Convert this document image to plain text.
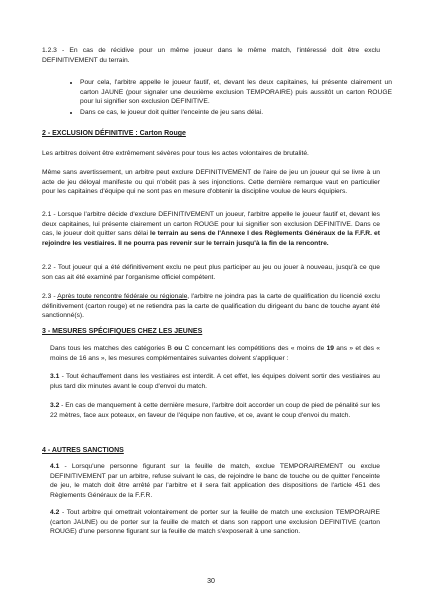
1.2.3 - En cas de récidive pour un même joueur dans le même match, l'intéressé doit être exclu DEFINITIVEMENT du terrain.

• Pour cela, l'arbitre appelle le joueur fautif, et, devant les deux capitaines, lui présente clairement un carton JAUNE (pour signaler une deuxième exclusion TEMPORAIRE) puis aussitôt un carton ROUGE pour lui signifier son exclusion DEFINITIVE.
• Dans ce cas, le joueur doit quitter l'enceinte de jeu sans délai.
2 - EXCLUSION DÉFINITIVE : Carton Rouge

Les arbitres doivent être extrêmement sévères pour tous les actes volontaires de brutalité.

Même sans avertissement, un arbitre peut exclure DEFINITIVEMENT de l'aire de jeu un joueur qui se livre à un acte de jeu déloyal manifeste ou qui n'obéit pas à ses injonctions. Cette dernière remarque vaut en particulier pour les capitaines d'équipe qui ne sont pas en mesure d'obtenir la discipline voulue de leurs équipiers.

2.1 - Lorsque l'arbitre décide d'exclure DEFINITIVEMENT un joueur, l'arbitre appelle le joueur fautif et, devant les deux capitaines, lui présente clairement un carton ROUGE pour lui signifier son exclusion DEFINITIVE. Dans ce cas, le joueur doit quitter sans délai le terrain au sens de l'Annexe I des Règlements Généraux de la F.F.R. et rejoindre les vestiaires. Il ne pourra pas revenir sur le terrain jusqu'à la fin de la rencontre.

2.2 - Tout joueur qui a été définitivement exclu ne peut plus participer au jeu ou jouer à nouveau, jusqu'à ce que son cas ait été examiné par l'organisme officiel compétent.

2.3 - Après toute rencontre fédérale ou régionale, l'arbitre ne joindra pas la carte de qualification du licencié exclu définitivement (carton rouge) et ne retiendra pas la carte de qualification du dirigeant du banc de touche ayant été sanctionné(s).

3 - MESURES SPÉCIFIQUES CHEZ LES JEUNES

Dans tous les matches des catégories B ou C concernant les compétitions des « moins de 19 ans » et des « moins de 16 ans », les mesures complémentaires suivantes doivent s'appliquer :

3.1 - Tout échauffement dans les vestiaires est interdit. A cet effet, les équipes doivent sortir des vestiaires au plus tard dix minutes avant le coup d'envoi du match.

3.2 - En cas de manquement à cette dernière mesure, l'arbitre doit accorder un coup de pied de pénalité sur les 22 mètres, face aux poteaux, en faveur de l'équipe non fautive, et ce, avant le coup d'envoi du match.

4 - AUTRES SANCTIONS

4.1 - Lorsqu'une personne figurant sur la feuille de match, exclue TEMPORAIREMENT ou exclue DEFINITIVEMENT par un arbitre, refuse suivant le cas, de rejoindre le banc de touche ou de quitter l'enceinte de jeu, le match doit être arrêté par l'arbitre et il sera fait application des dispositions de l'article 451 des Règlements Généraux de la F.F.R.

4.2 - Tout arbitre qui omettrait volontairement de porter sur la feuille de match une exclusion TEMPORAIRE (carton JAUNE) ou de porter sur la feuille de match et dans son rapport une exclusion DEFINITIVE (carton ROUGE) d'une personne figurant sur la feuille de match s'exposerait à une sanction.

30
